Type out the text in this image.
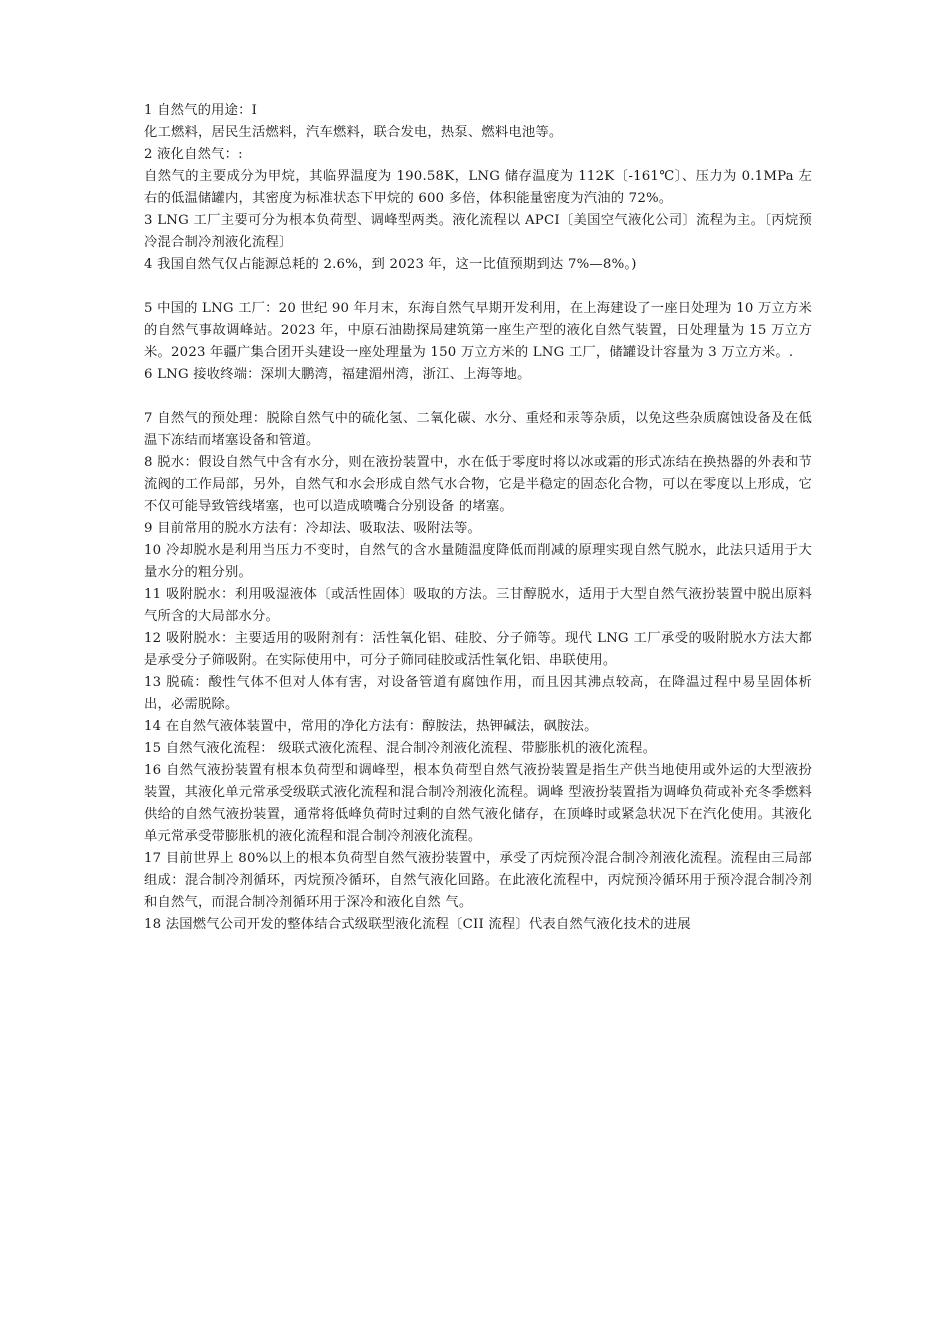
1 自然气的用途：I

化工燃料，居民生活燃料，汽车燃料，联合发电，热泵、燃料电池等。

2 液化自然气：:

自然气的主要成分为甲烷，其临界温度为 190.58K，LNG 储存温度为 112K〔-161℃〕、压力为 0.1MPa 左右的低温储罐内，其密度为标准状态下甲烷的 600 多倍，体积能量密度为汽油的 72%。

3 LNG 工厂主要可分为根本负荷型、调峰型两类。液化流程以 APCI〔美国空气液化公司〕流程为主。〔丙烷预冷混合制冷剂液化流程〕

4 我国自然气仅占能源总耗的 2.6%，到 2023 年，这一比值预期到达 7%—8%。)

5 中国的 LNG 工厂：20 世纪 90 年月末，东海自然气早期开发利用，在上海建设了一座日处理为 10 万立方米的自然气事故调峰站。2023 年，中原石油勘探局建筑第一座生产型的液化自然气装置，日处理量为 15 万立方米。2023 年疆广集合团开头建设一座处理量为 150 万立方米的 LNG 工厂，储罐设计容量为 3 万立方米。.

6 LNG 接收终端：深圳大鹏湾，福建湄州湾，浙江、上海等地。

7 自然气的预处理：脱除自然气中的硫化氢、二氧化碳、水分、重烃和汞等杂质，以免这些杂质腐蚀设备及在低温下冻结而堵塞设备和管道。

8 脱水：假设自然气中含有水分，则在液扮装置中，水在低于零度时将以冰或霜的形式冻结在换热器的外表和节流阀的工作局部，另外，自然气和水会形成自然气水合物，它是半稳定的固态化合物，可以在零度以上形成，它不仅可能导致管线堵塞，也可以造成喷嘴合分别设备 的堵塞。

9 目前常用的脱水方法有：冷却法、吸取法、吸附法等。

10 冷却脱水是利用当压力不变时，自然气的含水量随温度降低而削减的原理实现自然气脱水，此法只适用于大量水分的粗分别。

11 吸附脱水：利用吸湿液体〔或活性固体〕吸取的方法。三甘醇脱水，适用于大型自然气液扮装置中脱出原料气所含的大局部水分。

12 吸附脱水：主要适用的吸附剂有：活性氧化铝、硅胶、分子筛等。现代 LNG 工厂承受的吸附脱水方法大都是承受分子筛吸附。在实际使用中，可分子筛同硅胶或活性氧化铝、串联使用。

13 脱硫：酸性气体不但对人体有害，对设备管道有腐蚀作用，而且因其沸点较高，在降温过程中易呈固体析出，必需脱除。

14 在自然气液体装置中，常用的净化方法有：醇胺法，热钾碱法，砜胺法。

15 自然气液化流程： 级联式液化流程、混合制冷剂液化流程、带膨胀机的液化流程。

16 自然气液扮装置有根本负荷型和调峰型，根本负荷型自然气液扮装置是指生产供当地使用或外运的大型液扮装置，其液化单元常承受级联式液化流程和混合制冷剂液化流程。调峰 型液扮装置指为调峰负荷或补充冬季燃料供给的自然气液扮装置，通常将低峰负荷时过剩的自然气液化储存，在顶峰时或紧急状况下在汽化使用。其液化单元常承受带膨胀机的液化流程和混合制冷剂液化流程。

17 目前世界上 80%以上的根本负荷型自然气液扮装置中，承受了丙烷预冷混合制冷剂液化流程。流程由三局部组成：混合制冷剂循环，丙烷预冷循环，自然气液化回路。在此液化流程中，丙烷预冷循环用于预冷混合制冷剂和自然气，而混合制冷剂循环用于深冷和液化自然 气。

18 法国燃气公司开发的整体结合式级联型液化流程〔CII 流程〕代表自然气液化技术的进展
